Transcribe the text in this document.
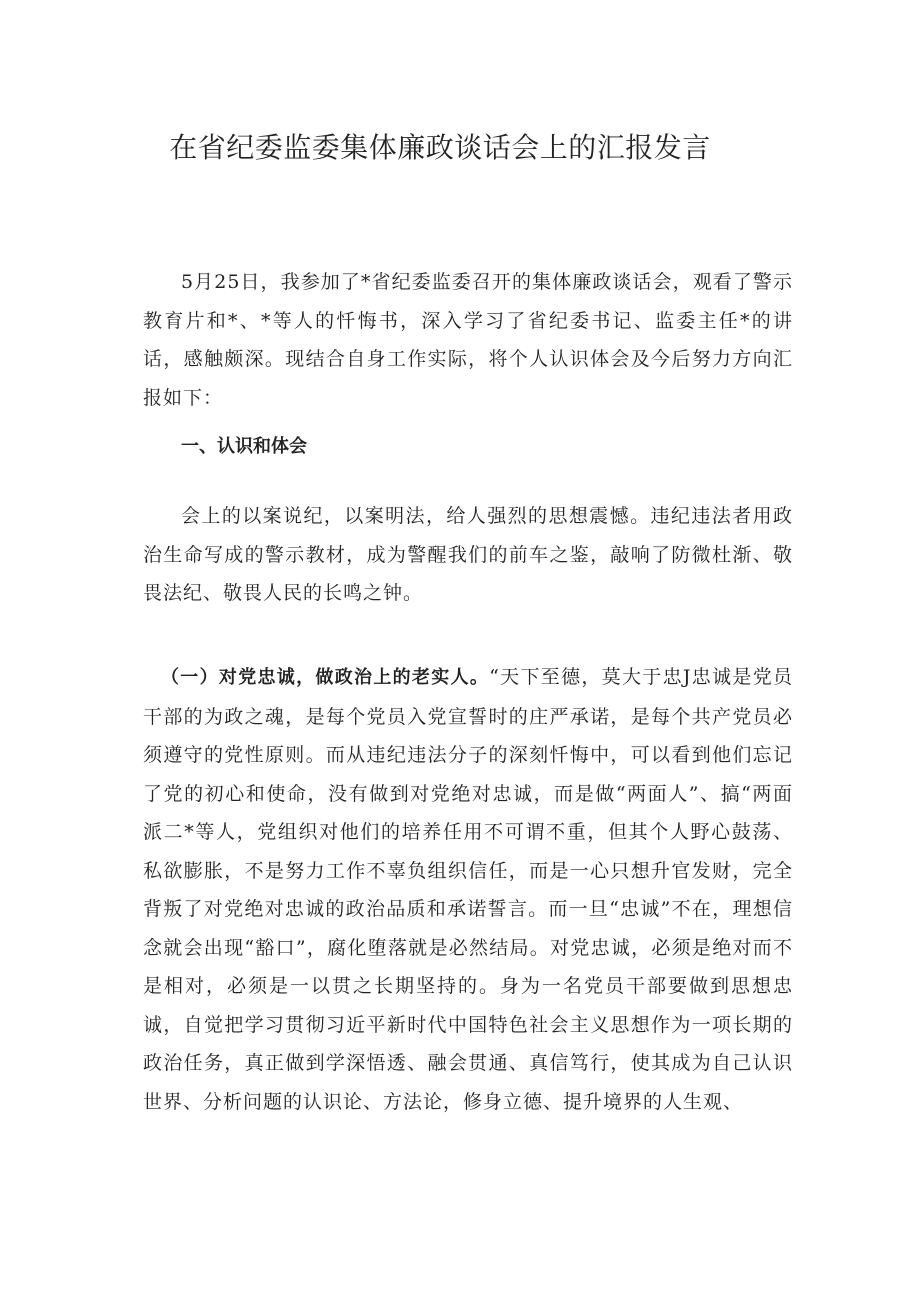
在省纪委监委集体廉政谈话会上的汇报发言

5月25日，我参加了*省纪委监委召开的集体廉政谈话会，观看了警示教育片和*、*等人的忏悔书，深入学习了省纪委书记、监委主任*的讲话，感触颇深。现结合自身工作实际，将个人认识体会及今后努力方向汇报如下：

一、认识和体会

会上的以案说纪，以案明法，给人强烈的思想震憾。违纪违法者用政治生命写成的警示教材，成为警醒我们的前车之鉴，敲响了防微杜渐、敬畏法纪、敬畏人民的长鸣之钟。

（一）对党忠诚，做政治上的老实人。“天下至德，莫大于忠J忠诚是党员干部的为政之魂，是每个党员入党宣誓时的庄严承诺，是每个共产党员必须遵守的党性原则。而从违纪违法分子的深刻忏悔中，可以看到他们忘记了党的初心和使命，没有做到对党绝对忠诚，而是做“两面人”、搞“两面派二*等人，党组织对他们的培养任用不可谓不重，但其个人野心鼓荡、私欲膨胀，不是努力工作不辜负组织信任，而是一心只想升官发财，完全背叛了对党绝对忠诚的政治品质和承诺誓言。而一旦“忠诚”不在，理想信念就会出现“豁口”，腐化堕落就是必然结局。对党忠诚，必须是绝对而不是相对，必须是一以贯之长期坚持的。身为一名党员干部要做到思想忠诚，自觉把学习贯彻习近平新时代中国特色社会主义思想作为一项长期的政治任务，真正做到学深悟透、融会贯通、真信笃行，使其成为自己认识世界、分析问题的认识论、方法论，修身立德、提升境界的人生观、
